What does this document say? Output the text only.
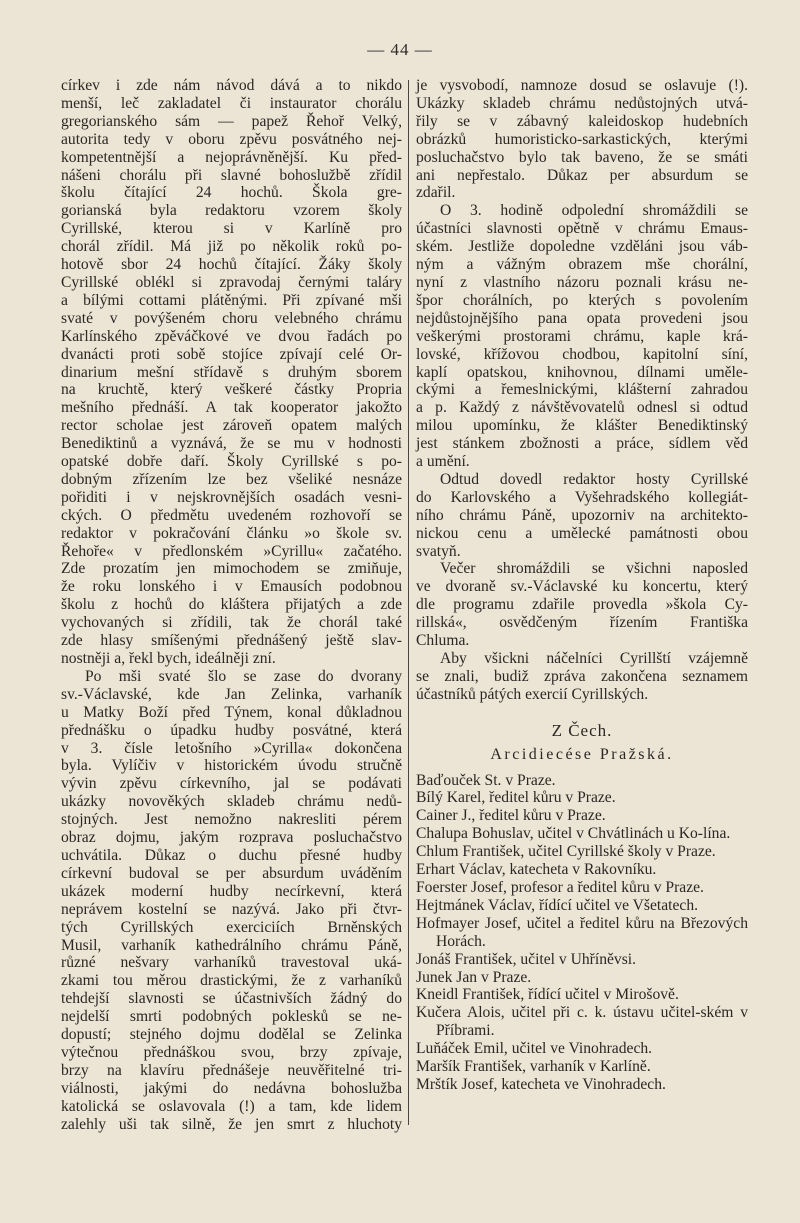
— 44 —
církev i zde nám návod dává a to nikdo
menší, leč zakladatel či instaurator chorálu
gregorianského sám — papež Řehoř Velký,
autorita tedy v oboru zpěvu posvátného nej-
kompetentnější a nejoprávněnější. Ku před-
nášeni chorálu při slavné bohoslužbě zřídil
školu čítající 24 hochů. Škola gre-
gorianská byla redaktoru vzorem školy
Cyrillské, kterou si v Karlíně pro
chorál zřídil. Má již po několik roků po-
hotově sbor 24 hochů čítající. Žáky školy
Cyrillské oblékl si zpravodaj černými taláry
a bílými cottami plátěnými. Při zpívané mši
svaté v povýšeném choru velebného chrámu
Karlínského zpěváčkové ve dvou řadách po
dvanácti proti sobě stojíce zpívají celé Or-
dinarium mešní střídavě s druhým sborem
na kruchtě, který veškeré částky Propria
mešního přednáší. A tak kooperator jakožto
rector scholae jest zároveň opatem malých
Benediktinů a vyznává, že se mu v hodnosti
opatské dobře daří. Školy Cyrillské s po-
dobným zřízením lze bez všeliké nesnáze
pořiditi i v nejskrovnějších osadách vesni-
ckých. O předmětu uvedeném rozhovoří se
redaktor v pokračování článku »o škole sv.
Řehoře« v předlonském »Cyrillu« začatého.
Zde prozatím jen mimochodem se zmiňuje,
že roku lonského i v Emausích podobnou
školu z hochů do kláštera přijatých a zde
vychovaných si zřídili, tak že chorál také
zde hlasy smíšenými přednášený ještě slav-
nostněji a, řekl bych, ideálněji zní.
Po mši svaté šlo se zase do dvorany
sv.-Václavské, kde Jan Zelinka, varhaník
u Matky Boží před Týnem, konal důkladnou
přednášku o úpadku hudby posvátné, která
v 3. čísle letošního »Cyrilla« dokončena
byla. Vylíčiv v historickém úvodu stručně
vývin zpěvu církevního, jal se podávati
ukázky novověkých skladeb chrámu nedů-
stojných. Jest nemožno nakresliti pérem
obraz dojmu, jakým rozprava posluchačstvo
uchvátila. Důkaz o duchu přesné hudby
církevní budoval se per absurdum uváděním
ukázek moderní hudby necírkevní, která
neprávem kostelní se nazývá. Jako při čtvr-
tých Cyrillských exerciciích Brněnských
Musil, varhaník kathedrálního chrámu Páně,
různé nešvary varhaníků travestoval uká-
zkami tou měrou drastickými, že z varhaníků
tehdejší slavnosti se účastnivších žádný do
nejdelší smrti podobných poklesků se ne-
dopustí; stejného dojmu dodělal se Zelinka
výtečnou přednáškou svou, brzy zpívaje,
brzy na klavíru přednášeje neuvěřitelné tri-
viálnosti, jakými do nedávna bohoslužba
katolická se oslavovala (!) a tam, kde lidem
zalehly uši tak silně, že jen smrt z hluchoty

je vysvobodí, namnoze dosud se oslavuje (!).
Ukázky skladeb chrámu nedůstojných utvá-
řily se v zábavný kaleidoskop hudebních
obrázků humoristicko-sarkastických, kterými
posluchačstvo bylo tak baveno, že se smáti
ani nepřestalo. Důkaz per absurdum se
zdařil.

O 3. hodině odpolední shromáždili se
účastníci slavnosti opětně v chrámu Emaus-
ském. Jestliže dopoledne vzděláni jsou váb-
ným a vážným obrazem mše chorální,
nyní z vlastního názoru poznali krásu ne-
špor chorálních, po kterých s povolením
nejdůstojnějšího pana opata provedeni jsou
veškerými prostorami chrámu, kaple krá-
lovské, křížovou chodbou, kapitolní síní,
kaplí opatskou, knihovnou, dílnami uměle-
ckými a řemeslnickými, klášterní zahradou
a p. Každý z návštěvovatelů odnesl si odtud
milou upomínku, že klášter Benediktinský
jest stánkem zbožnosti a práce, sídlem věd
a umění.

Odtud dovedl redaktor hosty Cyrillské
do Karlovského a Vyšehradského kollegiát-
ního chrámu Páně, upozorniv na architekto-
nickou cenu a umělecké památnosti obou
svatyň.

Večer shromáždili se všichni naposled
ve dvoraně sv.-Václavské ku koncertu, který
dle programu zdařile provedla »škola Cy-
rillská«, osvědčeným řízením Františka
Chluma.

Aby všickni náčelníci Cyrillští vzájemně
se znali, budiž zpráva zakončena seznamem
účastníků pátých exercií Cyrillských.

Z Čech.
Arcidiecése Pražská.
Baďouček St. v Praze.
Bílý Karel, ředitel kůru v Praze.
Cainer J., ředitel kůru v Praze.
Chalupa Bohuslav, učitel v Chvátlinách u Ko-lína.
Chlum František, učitel Cyrillské školy v Praze.
Erhart Václav, katecheta v Rakovníku.
Foerster Josef, profesor a ředitel kůru v Praze.
Hejtmánek Václav, řídící učitel ve Všetatech.
Hofmayer Josef, učitel a ředitel kůru na Březových Horách.
Jonáš František, učitel v Uhříněvsi.
Junek Jan v Praze.
Kneidl František, řídící učitel v Mirošově.
Kučera Alois, učitel při c. k. ústavu učitel-ském v Příbrami.
Luňáček Emil, učitel ve Vinohradech.
Maršík František, varhaník v Karlíně.
Mrštík Josef, katecheta ve Vinohradech.
